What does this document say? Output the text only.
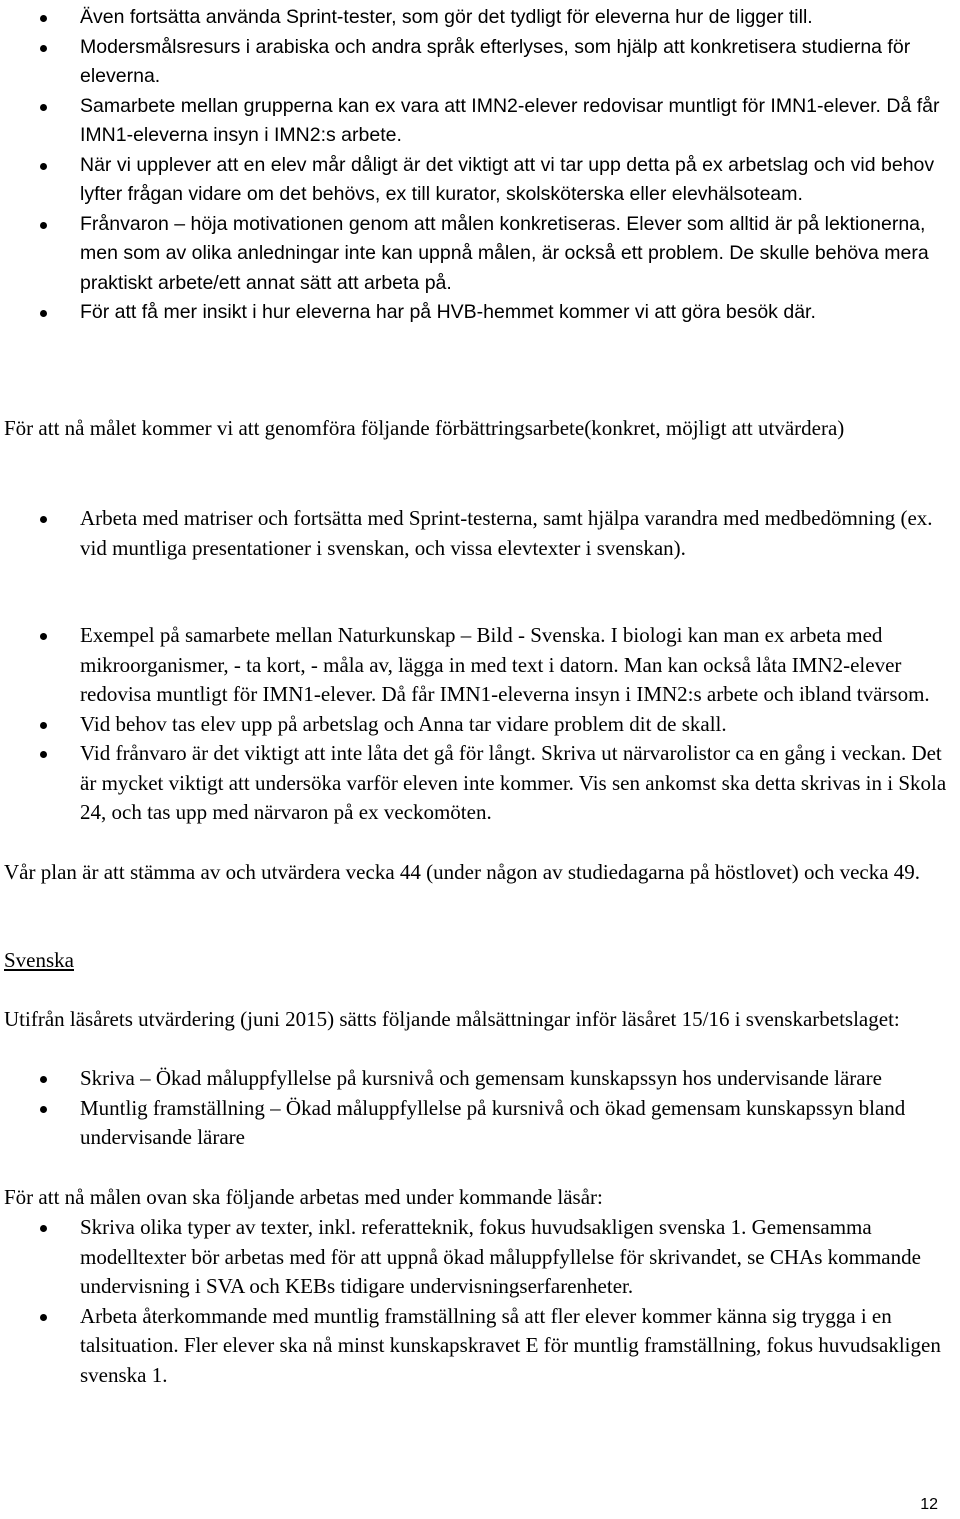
Även fortsätta använda Sprint-tester, som gör det tydligt för eleverna hur de ligger till.
Modersmålsresurs i arabiska och andra språk efterlyses, som hjälp att konkretisera studierna för eleverna.
Samarbete mellan grupperna kan ex vara att IMN2-elever redovisar muntligt för IMN1-elever. Då får IMN1-eleverna insyn i IMN2:s arbete.
När vi upplever att en elev mår dåligt är det viktigt att vi tar upp detta på ex arbetslag och vid behov lyfter frågan vidare om det behövs, ex till kurator, skolsköterska eller elevhälsoteam.
Frånvaron – höja motivationen genom att målen konkretiseras. Elever som alltid är på lektionerna, men som av olika anledningar inte kan uppnå målen, är också ett problem. De skulle behöva mera praktiskt arbete/ett annat sätt att arbeta på.
För att få mer insikt i hur eleverna har på HVB-hemmet kommer vi att göra besök där.

För att nå målet kommer vi att genomföra följande förbättringsarbete(konkret, möjligt att utvärdera)

Arbeta med matriser och fortsätta med Sprint-testerna, samt hjälpa varandra med medbedömning (ex. vid muntliga presentationer i svenskan, och vissa elevtexter i svenskan).
Exempel på samarbete mellan Naturkunskap – Bild - Svenska. I biologi kan man ex arbeta med mikroorganismer, - ta kort, - måla av, lägga in med text i datorn. Man kan också låta IMN2-elever redovisa muntligt för IMN1-elever. Då får IMN1-eleverna insyn i IMN2:s arbete och ibland tvärsom.
Vid behov tas elev upp på arbetslag och Anna tar vidare problem dit de skall.
Vid frånvaro är det viktigt att inte låta det gå för långt. Skriva ut närvarolistor ca en gång i veckan. Det är mycket viktigt att undersöka varför eleven inte kommer. Vis sen ankomst ska detta skrivas in i Skola 24, och tas upp med närvaron på ex veckomöten.

Vår plan är att stämma av och utvärdera vecka 44 (under någon av studiedagarna på höstlovet) och vecka 49.

Svenska

Utifrån läsårets utvärdering (juni 2015) sätts följande målsättningar inför läsåret 15/16 i svenskarbetslaget:

Skriva – Ökad måluppfyllelse på kursnivå och gemensam kunskapssyn hos undervisande lärare
Muntlig framställning – Ökad måluppfyllelse på kursnivå och ökad gemensam kunskapssyn bland undervisande lärare

För att nå målen ovan ska följande arbetas med under kommande läsår:

Skriva olika typer av texter, inkl. referatteknik, fokus huvudsakligen svenska 1. Gemensamma modelltexter bör arbetas med för att uppnå ökad måluppfyllelse för skrivandet, se CHAs kommande undervisning i SVA och KEBs tidigare undervisningserfarenheter.
Arbeta återkommande med muntlig framställning så att fler elever kommer känna sig trygga i en talsituation. Fler elever ska nå minst kunskapskravet E för muntlig framställning, fokus huvudsakligen svenska 1.
12
